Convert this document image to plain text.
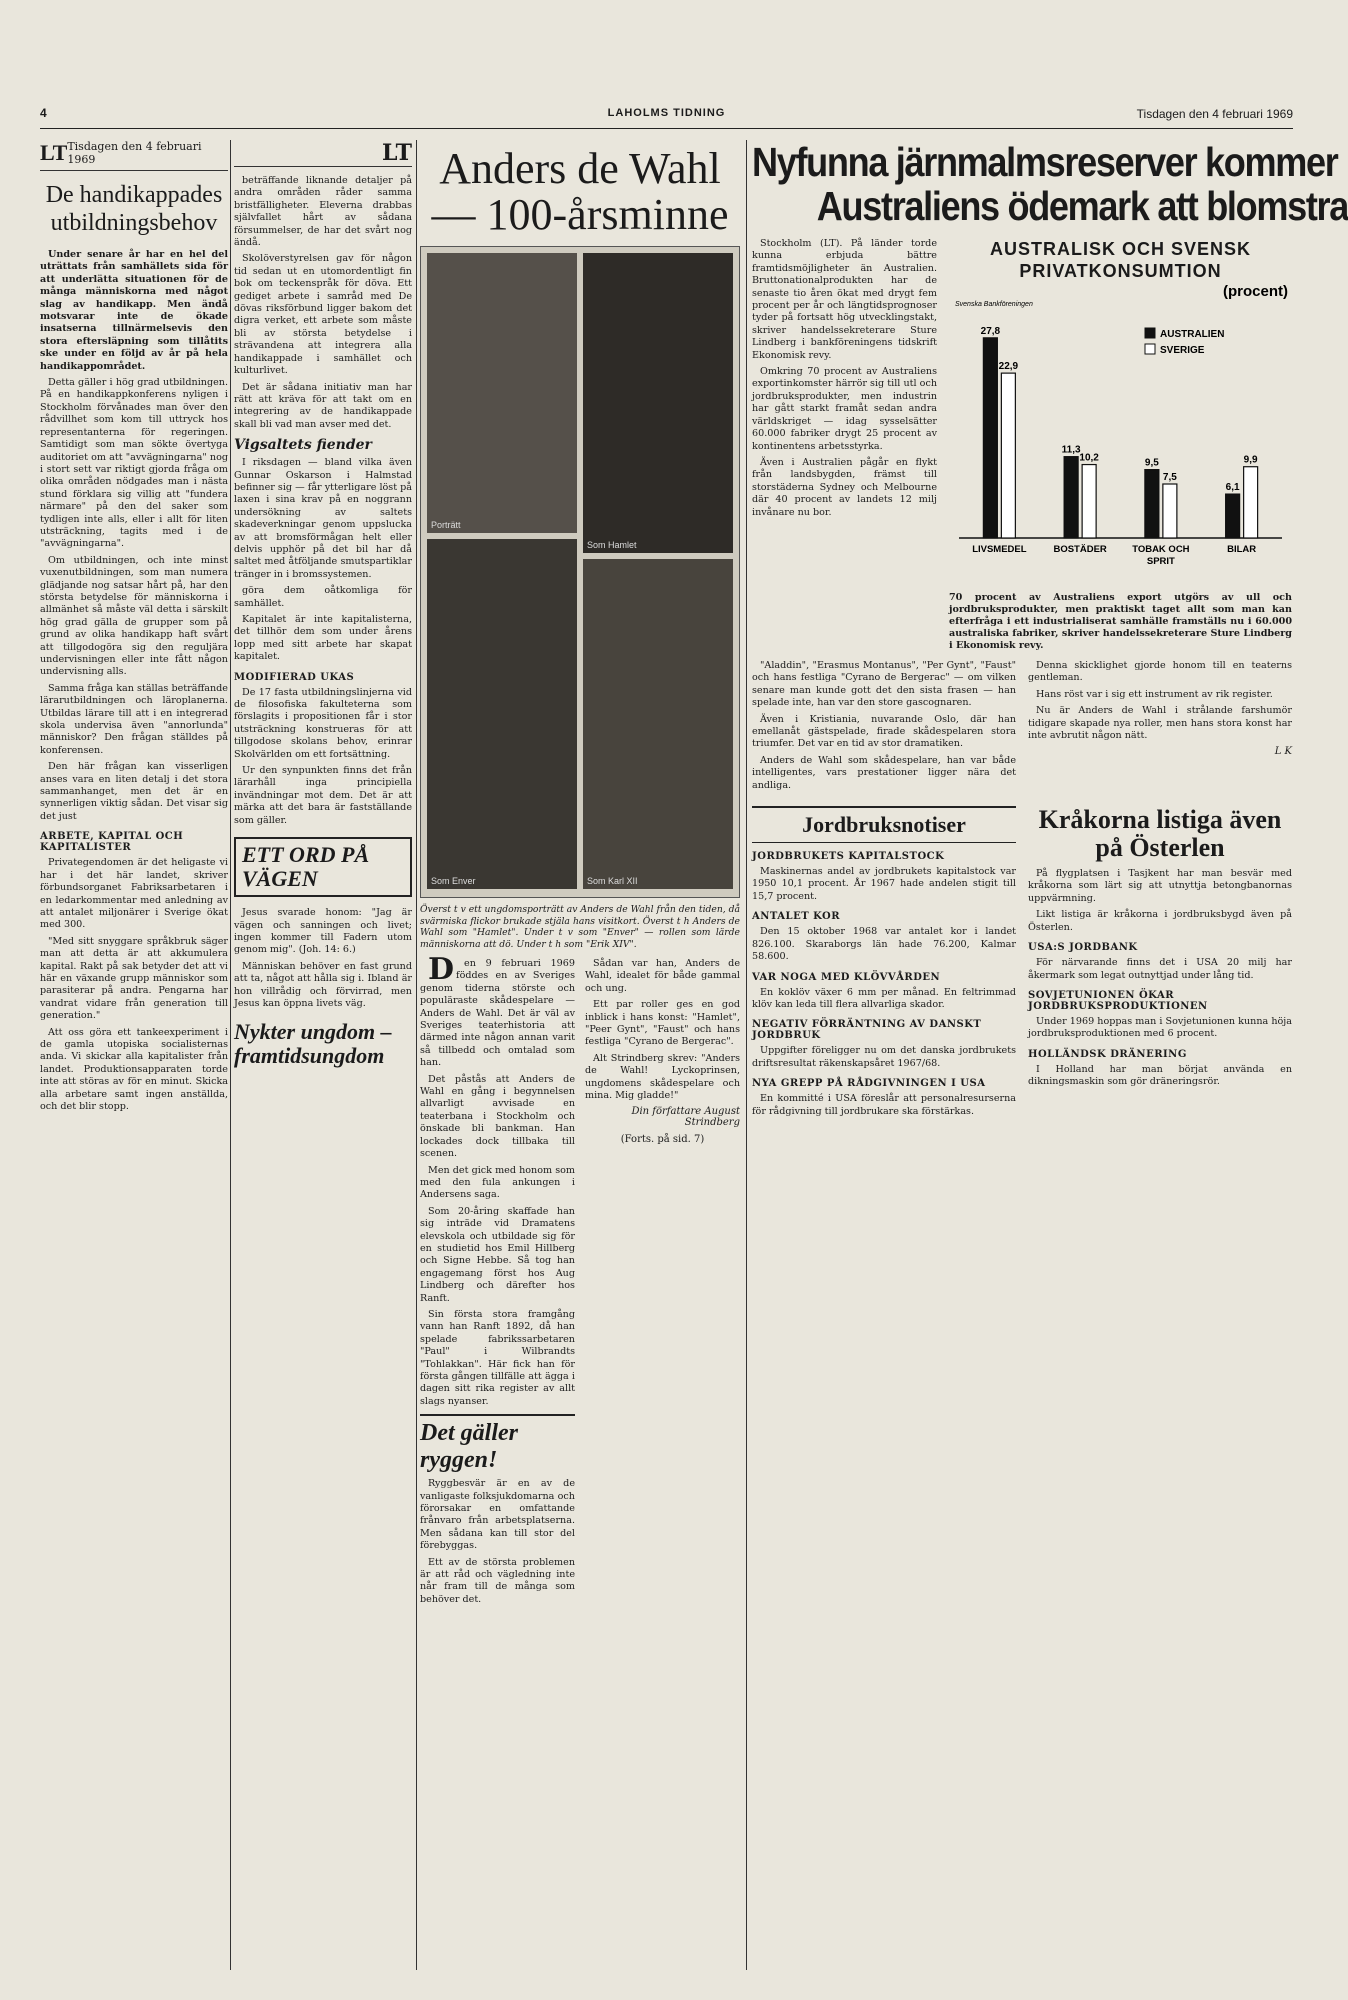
4	LAHOLMS TIDNING	Tisdagen den 4 februari 1969
LT Tisdagen den 4 februari 1969
De handikappades utbildningsbehov

Under senare år har en hel del uträttats från samhällets sida för att underlätta situationen för de många människorna med något slag av handikapp. Men ändå motsvarar inte de ökade insatserna tillnärmelsevis den stora eftersläpning som tillåtits ske under en följd av år på hela handikappområdet.

Detta gäller i hög grad utbildningen. På en handikappkonferens nyligen i Stockholm förvånades man över den rådvillhet som kom till uttryck hos representanterna för regeringen. Samtidigt som man sökte övertyga auditoriet om att "avvägningarna" nog i stort sett var riktigt gjorda fråga om olika områden nödgades man i nästa stund förklara sig villig att "fundera närmare" på den del saker som tydligen inte alls, eller i allt för liten utsträckning, tagits med i de "avvägningarna".

Om utbildningen, och inte minst vuxenutbildningen, som man numera glädjande nog satsar hårt på, har den största betydelse för människorna i allmänhet så måste väl detta i särskilt hög grad gälla de grupper som på grund av olika handikapp haft svårt att tillgodogöra sig den reguljära undervisningen eller inte fått någon undervisning alls.

Samma fråga kan ställas beträffande lärarutbildningen och läroplanerna. Utbildas lärare till att i en integrerad skola undervisa även "annorlunda" människor? Den frågan ställdes på konferensen.

Den här frågan kan visserligen anses vara en liten detalj i det stora sammanhanget, men det är en synnerligen viktig sådan. Det visar sig det just

ARBETE, KAPITAL OCH KAPITALISTER

Privategendomen är det heligaste vi har i det här landet, skriver förbundsorganet Fabriksarbetaren i en ledarkommentar med anledning av att antalet miljonärer i Sverige ökat med 300.

"Med sitt snyggare språkbruk säger man att detta är att akkumulera kapital. Rakt på sak betyder det att vi här en växande grupp människor som parasiterar på andra. Pengarna har vandrat vidare från generation till generation."

Att oss göra ett tankeexperiment i de gamla utopiska socialisternas anda. Vi skickar alla kapitalister från landet. Produktionsapparaten torde inte att störas av för en minut. Skicka alla arbetare samt ingen anställda, och det blir stopp.

LT

beträffande liknande detaljer på andra områden råder samma bristfälligheter. Eleverna drabbas självfallet hårt av sådana försummelser, de har det svårt nog ändå.

Skolöverstyrelsen gav för någon tid sedan ut en utomordentligt fin bok om teckenspråk för döva. Ett gediget arbete i samråd med De dövas riksförbund ligger bakom det digra verket, ett arbete som måste bli av största betydelse i strävandena att integrera alla handikappade i samhället och kulturlivet.

Det är sådana initiativ man har rätt att kräva för att takt om en integrering av de handikappade skall bli vad man avser med det.

Vigsaltets fiender

I riksdagen — bland vilka även Gunnar Oskarson i Halmstad befinner sig — får ytterligare löst på laxen i sina krav på en noggrann undersökning av saltets skadeverkningar genom uppslucka av att bromsförmågan helt eller delvis upphör på det bil har då saltet med åtföljande smutspartiklar tränger in i bromssystemen.

göra dem oåtkomliga för samhället.

Kapitalet är inte kapitalisterna, det tillhör dem som under årens lopp med sitt arbete har skapat kapitalet.

MODIFIERAD UKAS

De 17 fasta utbildningslinjerna vid de filosofiska fakulteterna som förslagits i propositionen får i stor utsträckning konstrueras för att tillgodose skolans behov, erinrar Skolvärlden om ett fortsättning.

Ur den synpunkten finns det från lärarhåll inga principiella invändningar mot dem. Det är att märka att det bara är fastställande som gäller.

ETT ORD PÅ VÄGEN

Jesus svarade honom: "Jag är vägen och sanningen och livet; ingen kommer till Fadern utom genom mig". (Joh. 14: 6.)

Människan behöver en fast grund att ta, något att hålla sig i. Ibland är hon villrådig och förvirrad, men Jesus kan öppna livets väg.

Nykter ungdom – framtidsungdom
Anders de Wahl — 100-årsminne
Porträtt
Som Hamlet
Som Enver	Som Karl XII
Överst t v ett ungdomsporträtt av Anders de Wahl från den tiden, då svärmiska flickor brukade stjäla hans visitkort. Överst t h Anders de Wahl som "Hamlet". Under t v som "Enver" — rollen som lärde människorna att dö. Under t h som "Erik XIV".

Den 9 februari 1969 föddes en av Sveriges genom tiderna störste och populäraste skådespelare — Anders de Wahl. Det är väl av Sveriges teaterhistoria att därmed inte någon annan varit så tillbedd och omtalad som han.

Det påstås att Anders de Wahl en gång i begynnelsen allvarligt avvisade en teaterbana i Stockholm och önskade bli bankman. Han lockades dock tillbaka till scenen.

Men det gick med honom som med den fula ankungen i Andersens saga.

Som 20-åring skaffade han sig inträde vid Dramatens elevskola och utbildade sig för en studietid hos Emil Hillberg och Signe Hebbe. Så tog han engagemang först hos Aug Lindberg och därefter hos Ranft.

Sin första stora framgång vann han Ranft 1892, då han spelade fabrikssarbetaren "Paul" i Wilbrandts "Tohlakkan". Här fick han för första gången tillfälle att ägga i dagen sitt rika register av allt slags nyanser.

Det gäller ryggen!

Ryggbesvär är en av de vanligaste folksjukdomarna och förorsakar en omfattande frånvaro från arbetsplatserna. Men sådana kan till stor del förebyggas.

Ett av de största problemen är att råd och vägledning inte når fram till de många som behöver det.

Sådan var han, Anders de Wahl, idealet för både gammal och ung.

Ett par roller ges en god inblick i hans konst: "Hamlet", "Peer Gynt", "Faust" och hans festliga "Cyrano de Bergerac".

Alt Strindberg skrev: "Anders de Wahl! Lyckoprinsen, ungdomens skådespelare och mina. Mig gladde!"

Din författare August Strindberg
(Forts. på sid. 7)
Nyfunna järnmalmsreserver kommer
Australiens ödemark att blomstra

Stockholm (LT). På länder torde kunna erbjuda bättre framtidsmöjligheter än Australien. Bruttonationalprodukten har de senaste tio åren ökat med drygt fem procent per år och längtidsprognoser tyder på fortsatt hög utvecklingstakt, skriver handelssekreterare Sture Lindberg i bankföreningens tidskrift Ekonomisk revy.

Omkring 70 procent av Australiens exportinkomster härrör sig till utl och jordbruksprodukter, men industrin har gått starkt framåt sedan andra världskriget — idag sysselsätter 60.000 fabriker drygt 25 procent av kontinentens arbetsstyrka.

Även i Australien pågår en flykt från landsbygden, främst till storstäderna Sydney och Melbourne där 40 procent av landets 12 milj invånare nu bor.

AUSTRALISK OCH SVENSK PRIVATKONSUMTION
(procent)
Svenska Bankföreningen
AUSTRALIEN
SVERIGE
27,8
22,9
LIVSMEDEL
11,3
10,2
BOSTÄDER
9,5
7,5
TOBAK OCH
SPRIT
6,1
9,9
BILAR
70 procent av Australiens export utgörs av ull och jordbruksprodukter, men praktiskt taget allt som man kan efterfråga i ett industrialiserat samhälle framställs nu i 60.000 australiska fabriker, skriver handelssekreterare Sture Lindberg i Ekonomisk revy.

"Aladdin", "Erasmus Montanus", "Per Gynt", "Faust" och hans festliga "Cyrano de Bergerac" — om vilken senare man kunde gott det den sista frasen — han spelade inte, han var den store gascognaren.

Även i Kristiania, nuvarande Oslo, där han emellanåt gästspelade, firade skådespelaren stora triumfer. Det var en tid av stor dramatiken.

Anders de Wahl som skådespelare, han var både intelligentes, vars prestationer ligger nära det andliga.

Denna skicklighet gjorde honom till en teaterns gentleman.

Hans röst var i sig ett instrument av rik register.

Nu är Anders de Wahl i strålande farshumör tidigare skapade nya roller, men hans stora konst har inte avbrutit någon nätt.

L K
Jordbruksnotiser
JORDBRUKETS KAPITALSTOCK

Maskinernas andel av jordbrukets kapitalstock var 1950 10,1 procent. År 1967 hade andelen stigit till 15,7 procent.

ANTALET KOR

Den 15 oktober 1968 var antalet kor i landet 826.100. Skaraborgs län hade 76.200, Kalmar 58.600.

VAR NOGА MED KLÖVVÅRDEN

En koklöv växer 6 mm per månad. En feltrimmad klöv kan leda till flera allvarliga skador.

NEGATIV FÖRRÄNTNING AV DANSKT JORDBRUK

Uppgifter föreligger nu om det danska jordbrukets driftsresultat räkenskapsåret 1967/68.

NYA GREPP PÅ RÅDGIVNINGEN I USA

En kommitté i USA föreslår att personalresurserna för rådgivning till jordbrukare ska förstärkas.

Kråkorna listiga även på Österlen

På flygplatsen i Tasjkent har man besvär med kråkorna som lärt sig att utnyttja betongbanornas uppvärmning.

Likt listiga är kråkorna i jordbruksbygd även på Österlen.

USA:S JORDBANK

För närvarande finns det i USA 20 milj har åkermark som legat outnyttjad under lång tid.

SOVJETUNIONEN ÖKAR JORDBRUKSPRODUKTIONEN

Under 1969 hoppas man i Sovjetunionen kunna höja jordbruksproduktionen med 6 procent.

HOLLÄNDSK DRÄNERING

I Holland har man börjat använda en dikningsmaskin som gör dräneringsrör.
